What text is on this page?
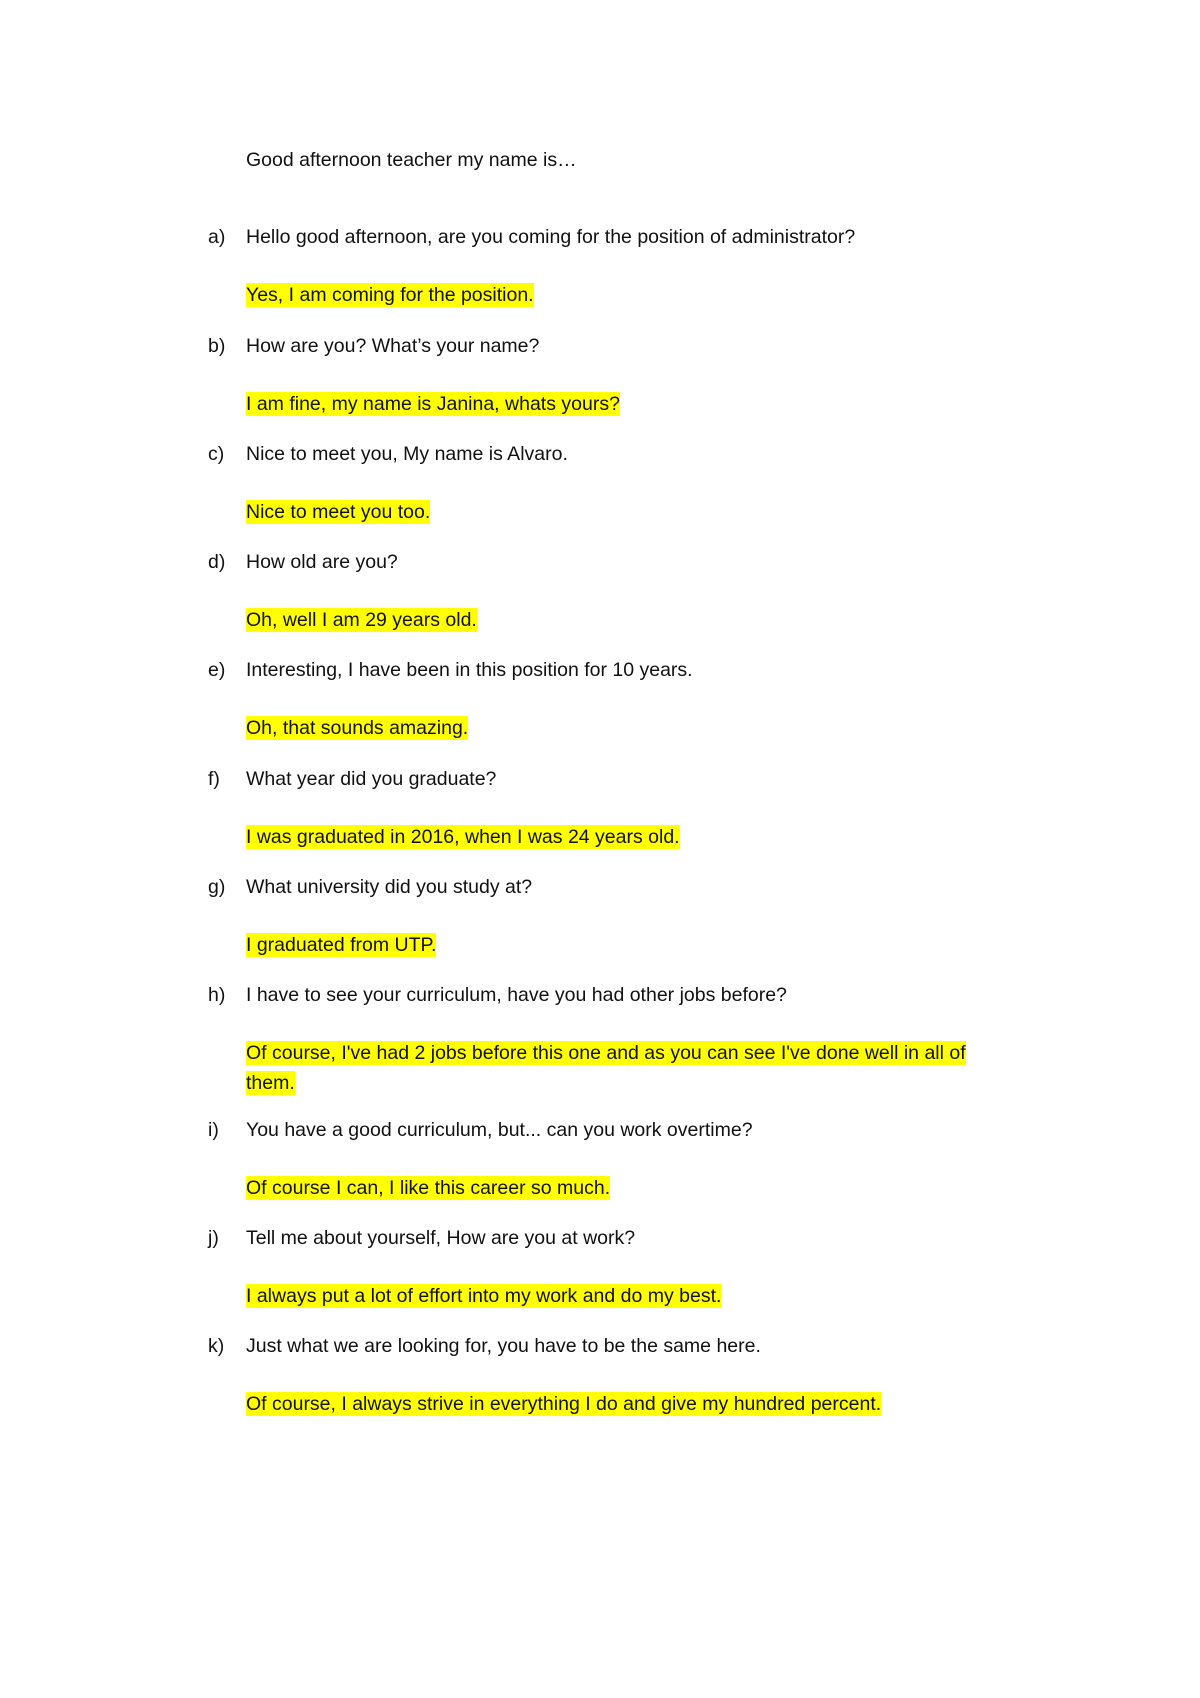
Good afternoon teacher my name is…
a) Hello good afternoon, are you coming for the position of administrator?
Yes, I am coming for the position.
b) How are you? What’s your name?
I am fine, my name is Janina, whats yours?
c) Nice to meet you, My name is Alvaro.
Nice to meet you too.
d) How old are you?
Oh, well I am 29 years old.
e) Interesting, I have been in this position for 10 years.
Oh, that sounds amazing.
f) What year did you graduate?
I was graduated in 2016, when I was 24 years old.
g) What university did you study at?
I graduated from UTP.
h) I have to see your curriculum, have you had other jobs before?
Of course, I've had 2 jobs before this one and as you can see I've done well in all of them.
i) You have a good curriculum, but... can you work overtime?
Of course I can, I like this career so much.
j) Tell me about yourself, How are you at work?
I always put a lot of effort into my work and do my best.
k) Just what we are looking for, you have to be the same here.
Of course, I always strive in everything I do and give my hundred percent.
